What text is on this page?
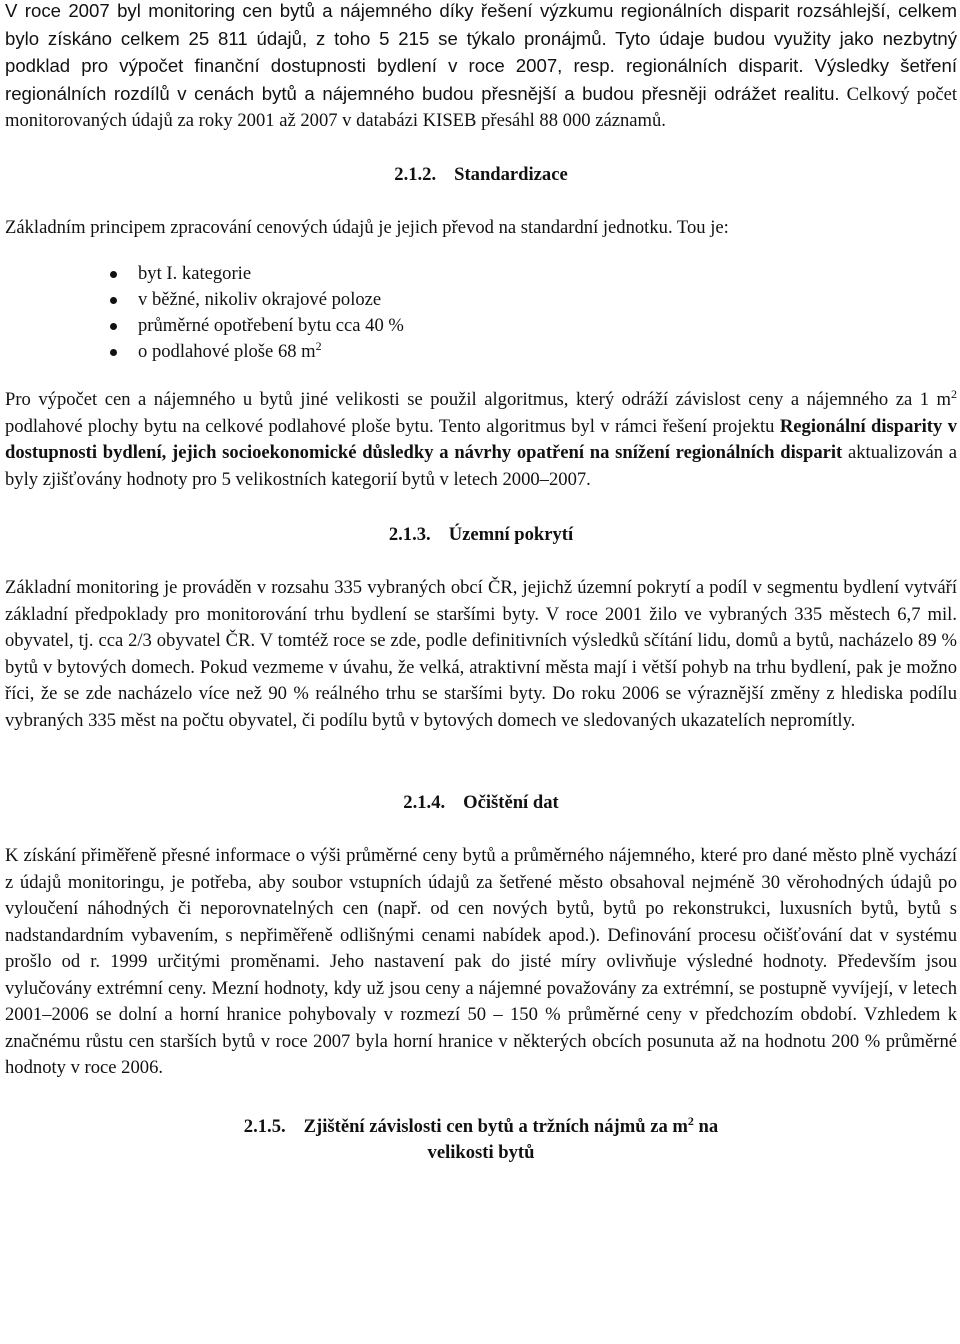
V roce 2007 byl monitoring cen bytů a nájemného díky řešení výzkumu regionálních disparit rozsáhlejší, celkem bylo získáno celkem 25 811 údajů, z toho 5 215 se týkalo pronájmů. Tyto údaje budou využity jako nezbytný podklad pro výpočet finanční dostupnosti bydlení v roce 2007, resp. regionálních disparit. Výsledky šetření regionálních rozdílů v cenách bytů a nájemného budou přesnější a budou přesněji odrážet realitu. Celkový počet monitorovaných údajů za roky 2001 až 2007 v databázi KISEB přesáhl 88 000 záznamů.

2.1.2. Standardizace

Základním principem zpracování cenových údajů je jejich převod na standardní jednotku. Tou je:

byt I. kategorie
v běžné, nikoliv okrajové poloze
průměrné opotřebení bytu cca 40 %
o podlahové ploše 68 $m^2$

Pro výpočet cen a nájemného u bytů jiné velikosti se použil algoritmus, který odráží závislost ceny a nájemného za 1 $m^2$ podlahové plochy bytu na celkové podlahové ploše bytu. Tento algoritmus byl v rámci řešení projektu Regionální disparity v dostupnosti bydlení, jejich socioekonomické důsledky a návrhy opatření na snížení regionálních disparit aktualizován a byly zjišťovány hodnoty pro 5 velikostních kategorií bytů v letech 2000–2007.

2.1.3. Územní pokrytí

Základní monitoring je prováděn v rozsahu 335 vybraných obcí ČR, jejichž územní pokrytí a podíl v segmentu bydlení vytváří základní předpoklady pro monitorování trhu bydlení se staršími byty. V roce 2001 žilo ve vybraných 335 městech 6,7 mil. obyvatel, tj. cca 2/3 obyvatel ČR. V tomtéž roce se zde, podle definitivních výsledků sčítání lidu, domů a bytů, nacházelo 89 % bytů v bytových domech. Pokud vezmeme v úvahu, že velká, atraktivní města mají i větší pohyb na trhu bydlení, pak je možno říci, že se zde nacházelo více než 90 % reálného trhu se staršími byty. Do roku 2006 se výraznější změny z hlediska podílu vybraných 335 měst na počtu obyvatel, či podílu bytů v bytových domech ve sledovaných ukazatelích nepromítly.

2.1.4. Očištění dat

K získání přiměřeně přesné informace o výši průměrné ceny bytů a průměrného nájemného, které pro dané město plně vychází z údajů monitoringu, je potřeba, aby soubor vstupních údajů za šetřené město obsahoval nejméně 30 věrohodných údajů po vyloučení náhodných či neporovnatelných cen (např. od cen nových bytů, bytů po rekonstrukci, luxusních bytů, bytů s nadstandardním vybavením, s nepřiměřeně odlišnými cenami nabídek apod.). Definování procesu očišťování dat v systému prošlo od r. 1999 určitými proměnami. Jeho nastavení pak do jisté míry ovlivňuje výsledné hodnoty. Především jsou vylučovány extrémní ceny. Mezní hodnoty, kdy už jsou ceny a nájemné považovány za extrémní, se postupně vyvíjejí, v letech 2001–2006 se dolní a horní hranice pohybovaly v rozmezí 50 – 150 % průměrné ceny v předchozím období. Vzhledem k značnému růstu cen starších bytů v roce 2007 byla horní hranice v některých obcích posunuta až na hodnotu 200 % průměrné hodnoty v roce 2006.

2.1.5. Zjištění závislosti cen bytů a tržních nájmů za $m^2$ na
velikosti bytů
